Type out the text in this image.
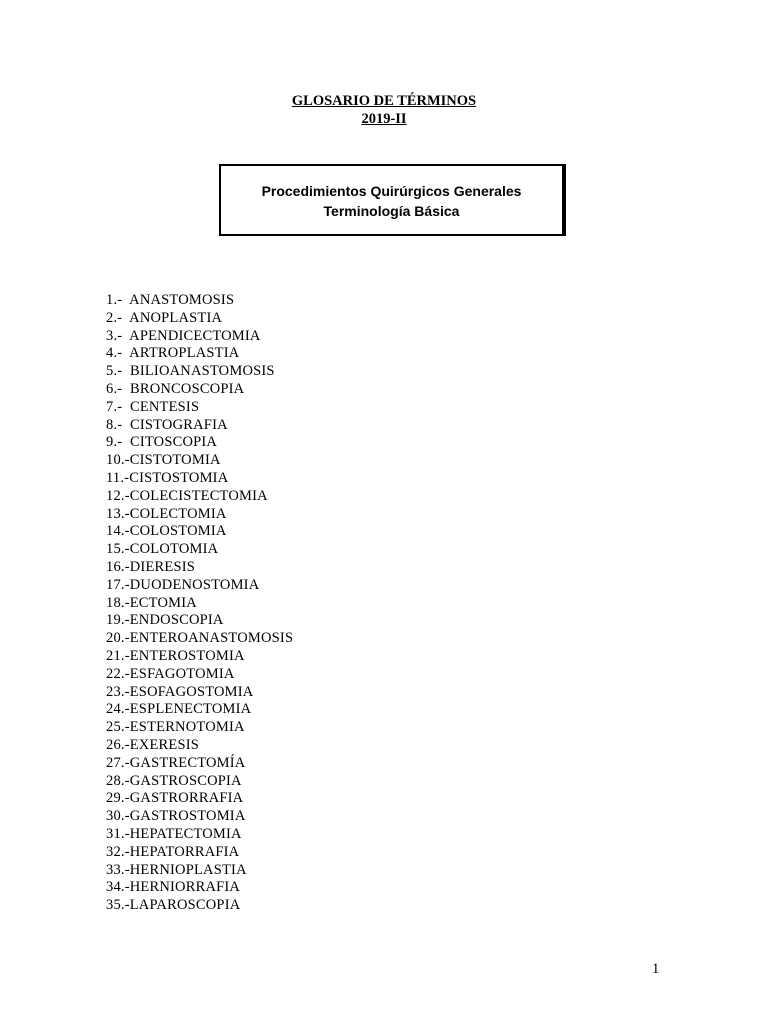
GLOSARIO DE TÉRMINOS
2019-II
Procedimientos Quirúrgicos Generales
Terminología Básica
1.-  ANASTOMOSIS
2.-  ANOPLASTIA
3.-  APENDICECTOMIA
4.-  ARTROPLASTIA
5.-  BILIOANASTOMOSIS
6.-  BRONCOSCOPIA
7.-  CENTESIS
8.-  CISTOGRAFIA
9.-  CITOSCOPIA
10.-CISTOTOMIA
11.-CISTOSTOMIA
12.-COLECISTECTOMIA
13.-COLECTOMIA
14.-COLOSTOMIA
15.-COLOTOMIA
16.-DIERESIS
17.-DUODENOSTOMIA
18.-ECTOMIA
19.-ENDOSCOPIA
20.-ENTEROANASTOMOSIS
21.-ENTEROSTOMIA
22.-ESFAGOTOMIA
23.-ESOFAGOSTOMIA
24.-ESPLENECTOMIA
25.-ESTERNOTOMIA
26.-EXERESIS
27.-GASTRECTOMÍA
28.-GASTROSCOPIA
29.-GASTRORRAFIA
30.-GASTROSTOMIA
31.-HEPATECTOMIA
32.-HEPATORRAFIA
33.-HERNIOPLASTIA
34.-HERNIORRAFIA
35.-LAPAROSCOPIA
1
